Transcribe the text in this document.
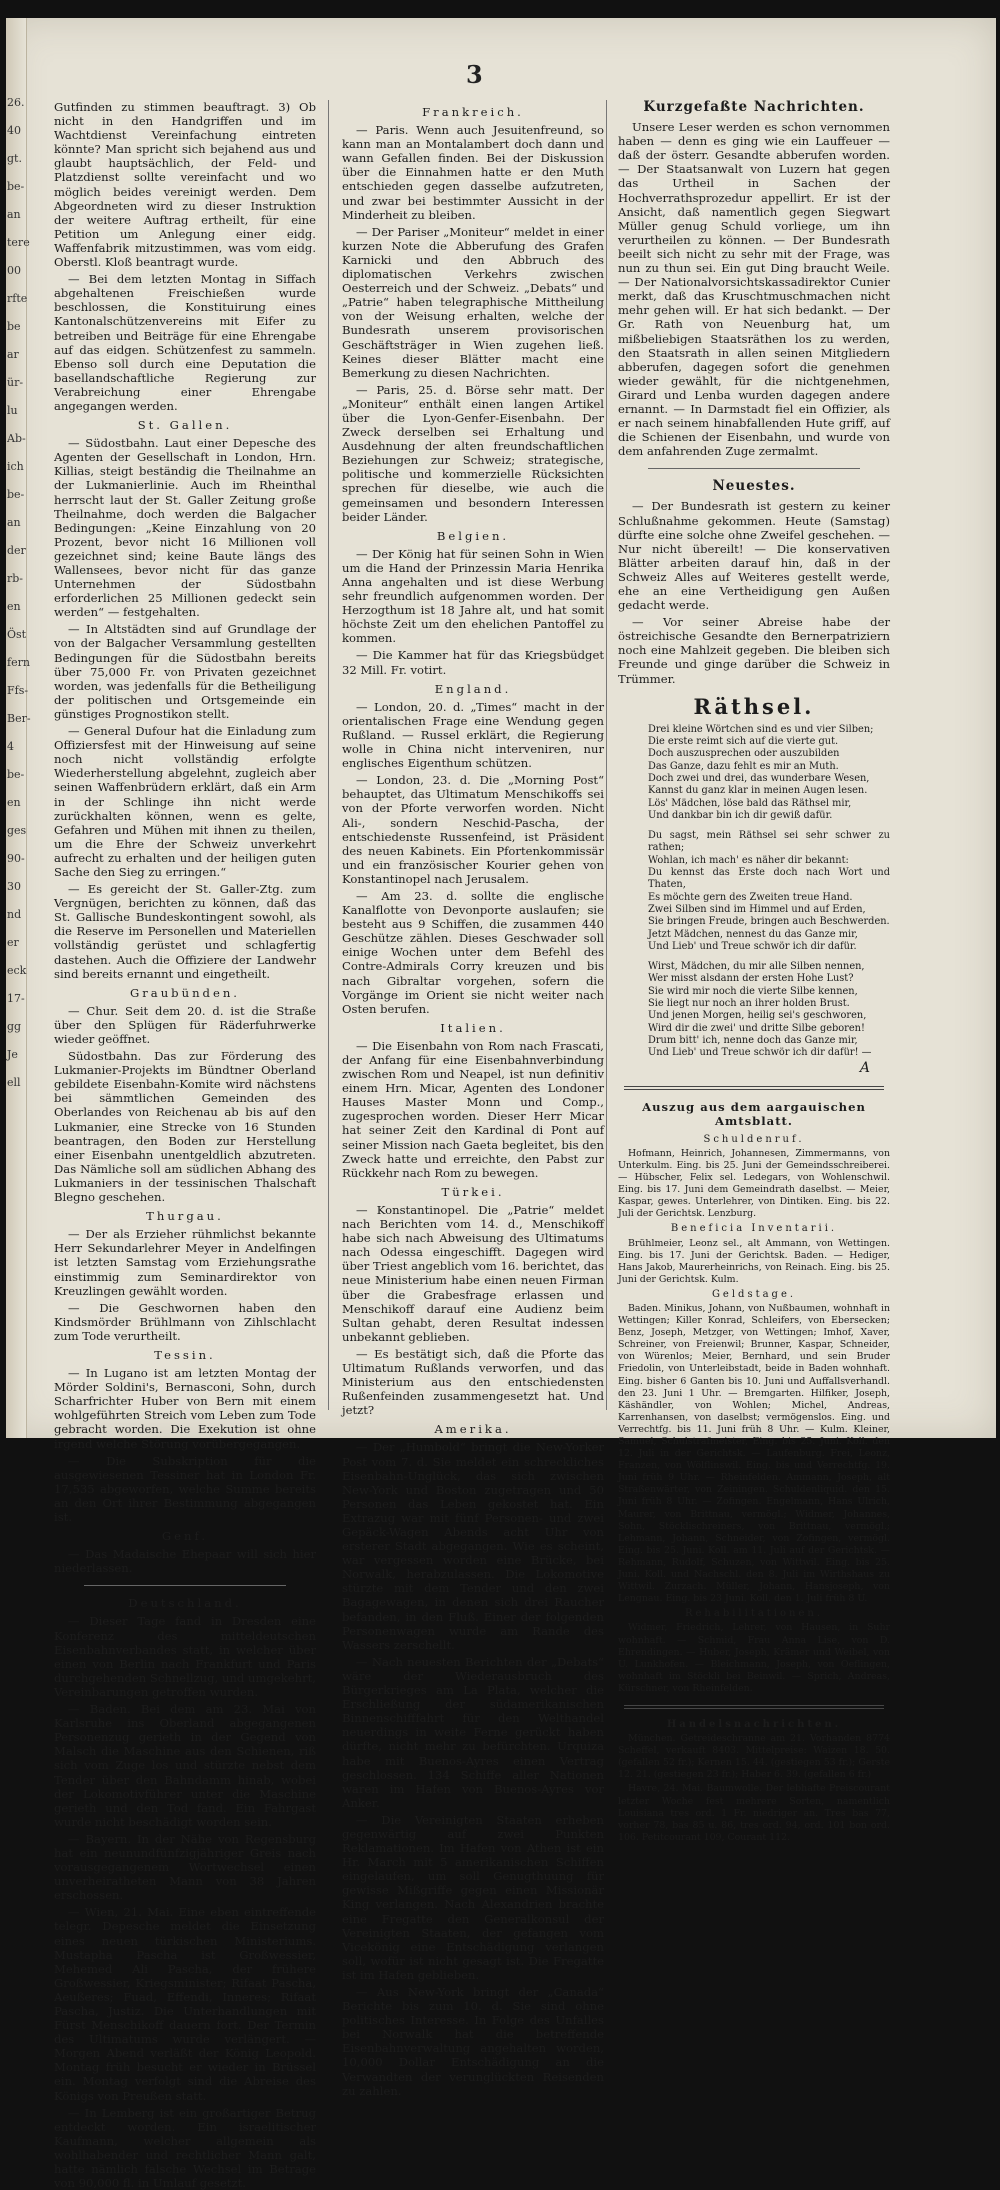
26.
40
gt.
be-
an
tere
00
rfte
be
ar
ür-
lu
Ab-
ich
be-
an
der
rb-
en
Öst
fern
Ffs-
Ber-
4
be-
en
ges
90-
30
nd
er
eck
17-
gg
Je
ell
3

Gutfinden zu stimmen beauftragt. 3) Ob nicht in den Handgriffen und im Wachtdienst Vereinfachung eintreten könnte? Man spricht sich bejahend aus und glaubt hauptsächlich, der Feld- und Platzdienst sollte vereinfacht und wo möglich beides vereinigt werden. Dem Abgeordneten wird zu dieser Instruktion der weitere Auftrag ertheilt, für eine Petition um Anlegung einer eidg. Waffenfabrik mitzustimmen, was vom eidg. Oberstl. Kloß beantragt wurde.

— Bei dem letzten Montag in Siffach abgehaltenen Freischießen wurde beschlossen, die Konstituirung eines Kantonalschützenvereins mit Eifer zu betreiben und Beiträge für eine Ehrengabe auf das eidgen. Schützenfest zu sammeln. Ebenso soll durch eine Deputation die basellandschaftliche Regierung zur Verabreichung einer Ehrengabe angegangen werden.

St. Gallen.

— Südostbahn. Laut einer Depesche des Agenten der Gesellschaft in London, Hrn. Killias, steigt beständig die Theilnahme an der Lukmanierlinie. Auch im Rheinthal herrscht laut der St. Galler Zeitung große Theilnahme, doch werden die Balgacher Bedingungen: „Keine Einzahlung von 20 Prozent, bevor nicht 16 Millionen voll gezeichnet sind; keine Baute längs des Wallensees, bevor nicht für das ganze Unternehmen der Südostbahn erforderlichen 25 Millionen gedeckt sein werden“ — festgehalten.

— In Altstädten sind auf Grundlage der von der Balgacher Versammlung gestellten Bedingungen für die Südostbahn bereits über 75,000 Fr. von Privaten gezeichnet worden, was jedenfalls für die Betheiligung der politischen und Ortsgemeinde ein günstiges Prognostikon stellt.

— General Dufour hat die Einladung zum Offiziersfest mit der Hinweisung auf seine noch nicht vollständig erfolgte Wiederherstellung abgelehnt, zugleich aber seinen Waffenbrüdern erklärt, daß ein Arm in der Schlinge ihn nicht werde zurückhalten können, wenn es gelte, Gefahren und Mühen mit ihnen zu theilen, um die Ehre der Schweiz unverkehrt aufrecht zu erhalten und der heiligen guten Sache den Sieg zu erringen.“

— Es gereicht der St. Galler-Ztg. zum Vergnügen, berichten zu können, daß das St. Gallische Bundeskontingent sowohl, als die Reserve im Personellen und Materiellen vollständig gerüstet und schlagfertig dastehen. Auch die Offiziere der Landwehr sind bereits ernannt und eingetheilt.

Graubünden.

— Chur. Seit dem 20. d. ist die Straße über den Splügen für Räderfuhrwerke wieder geöffnet.

Südostbahn. Das zur Förderung des Lukmanier-Projekts im Bündtner Oberland gebildete Eisenbahn-Komite wird nächstens bei sämmtlichen Gemeinden des Oberlandes von Reichenau ab bis auf den Lukmanier, eine Strecke von 16 Stunden beantragen, den Boden zur Herstellung einer Eisenbahn unentgeldlich abzutreten. Das Nämliche soll am südlichen Abhang des Lukmaniers in der tessinischen Thalschaft Blegno geschehen.

Thurgau.

— Der als Erzieher rühmlichst bekannte Herr Sekundarlehrer Meyer in Andelfingen ist letzten Samstag vom Erziehungsrathe einstimmig zum Seminardirektor von Kreuzlingen gewählt worden.

— Die Geschwornen haben den Kindsmörder Brühlmann von Zihlschlacht zum Tode verurtheilt.

Tessin.

— In Lugano ist am letzten Montag der Mörder Soldini's, Bernasconi, Sohn, durch Scharfrichter Huber von Bern mit einem wohlgeführten Streich vom Leben zum Tode gebracht worden. Die Exekution ist ohne irgend welche Störung vorübergegangen.

— Die Subskription für die ausgewiesenen Tessiner hat in London Fr. 17,535 abgeworfen, welche Summe bereits an den Ort ihrer Bestimmung abgegangen ist.

Genf.

— Das Madaische Ehepaar will sich hier niederlassen.

Deutschland.

— Dieser Tage fand in Dresden eine Konferenz des mitteldeutschen Eisenbahnverbandes statt, in welcher über einen von Berlin nach Frankfurt und Paris durchgehenden Schnellzug, und umgekehrt, Vereinbarungen getroffen wurden.

— Baden. Bei dem am 23. Mai von Karlsruhe ins Oberland abgegangenen Personenzug gerieth in der Gegend von Malsch die Maschine aus den Schienen, riß sich vom Zuge los und stürzte nebst dem Tender über den Bahndamm hinab, wobei der Lokomotivführer unter die Maschine gerieth und den Tod fand. Ein Fahrgast wurde nicht beschädigt worden sein.

— Bayern. In der Nähe von Regensburg hat ein neunundfünfzigjähriger Greis nach vorausgegangenem Wortwechsel einen unverheiratheten Mann von 38 Jahren erschossen.

— Wien, 21. Mai. Eine eben eintreffende telegr. Depesche meldet die Einsetzung eines neuen türkischen Ministeriums. Mustapha Pascha ist Großwessier, Mehemed Ali Pascha, der frühere Großwessier, Kriegsminister; Rifaat Pascha, Aeußeres; Fuad, Effendi, Inneres; Rifaat Pascha, Justiz. Die Unterhandlungen mit Fürst Menschikoff dauern fort. Der Termin des Ultimatums wurde verlängert. — Morgen Abend verläßt der König Leopold. Montag früh besucht er wieder in Brüssel ein. Montag verfolgt sind die Abreise des Königs von Preußen statt.

— In Lemberg ist ein großartiger Betrug entdeckt worden. Ein israelitischer Kaufmann, welcher allgemein als wohlhabender und rechtlicher Mann galt, hatte nämlich falsche Wechsel im Betrage von 90,000 fl. in Umlauf gesetzt.

Frankreich.

— Paris. Wenn auch Jesuitenfreund, so kann man an Montalambert doch dann und wann Gefallen finden. Bei der Diskussion über die Einnahmen hatte er den Muth entschieden gegen dasselbe aufzutreten, und zwar bei bestimmter Aussicht in der Minderheit zu bleiben.

— Der Pariser „Moniteur“ meldet in einer kurzen Note die Abberufung des Grafen Karnicki und den Abbruch des diplomatischen Verkehrs zwischen Oesterreich und der Schweiz. „Debats“ und „Patrie“ haben telegraphische Mittheilung von der Weisung erhalten, welche der Bundesrath unserem provisorischen Geschäftsträger in Wien zugehen ließ. Keines dieser Blätter macht eine Bemerkung zu diesen Nachrichten.

— Paris, 25. d. Börse sehr matt. Der „Moniteur“ enthält einen langen Artikel über die Lyon-Genfer-Eisenbahn. Der Zweck derselben sei Erhaltung und Ausdehnung der alten freundschaftlichen Beziehungen zur Schweiz; strategische, politische und kommerzielle Rücksichten sprechen für dieselbe, wie auch die gemeinsamen und besondern Interessen beider Länder.

Belgien.

— Der König hat für seinen Sohn in Wien um die Hand der Prinzessin Maria Henrika Anna angehalten und ist diese Werbung sehr freundlich aufgenommen worden. Der Herzogthum ist 18 Jahre alt, und hat somit höchste Zeit um den ehelichen Pantoffel zu kommen.

— Die Kammer hat für das Kriegsbüdget 32 Mill. Fr. votirt.

England.

— London, 20. d. „Times“ macht in der orientalischen Frage eine Wendung gegen Rußland. — Russel erklärt, die Regierung wolle in China nicht interveniren, nur englisches Eigenthum schützen.

— London, 23. d. Die „Morning Post“ behauptet, das Ultimatum Menschikoffs sei von der Pforte verworfen worden. Nicht Ali-, sondern Neschid-Pascha, der entschiedenste Russenfeind, ist Präsident des neuen Kabinets. Ein Pfortenkommissär und ein französischer Kourier gehen von Konstantinopel nach Jerusalem.

— Am 23. d. sollte die englische Kanalflotte von Devonporte auslaufen; sie besteht aus 9 Schiffen, die zusammen 440 Geschütze zählen. Dieses Geschwader soll einige Wochen unter dem Befehl des Contre-Admirals Corry kreuzen und bis nach Gibraltar vorgehen, sofern die Vorgänge im Orient sie nicht weiter nach Osten berufen.

Italien.

— Die Eisenbahn von Rom nach Frascati, der Anfang für eine Eisenbahnverbindung zwischen Rom und Neapel, ist nun definitiv einem Hrn. Micar, Agenten des Londoner Hauses Master Monn und Comp., zugesprochen worden. Dieser Herr Micar hat seiner Zeit den Kardinal di Pont auf seiner Mission nach Gaeta begleitet, bis den Zweck hatte und erreichte, den Pabst zur Rückkehr nach Rom zu bewegen.

Türkei.

— Konstantinopel. Die „Patrie“ meldet nach Berichten vom 14. d., Menschikoff habe sich nach Abweisung des Ultimatums nach Odessa eingeschifft. Dagegen wird über Triest angeblich vom 16. berichtet, das neue Ministerium habe einen neuen Firman über die Grabesfrage erlassen und Menschikoff darauf eine Audienz beim Sultan gehabt, deren Resultat indessen unbekannt geblieben.

— Es bestätigt sich, daß die Pforte das Ultimatum Rußlands verworfen, und das Ministerium aus den entschiedensten Rußenfeinden zusammengesetzt hat. Und jetzt?

Amerika.

— Der „Humbold“ bringt die New-Yorker Post vom 7. d. Sie meldet ein schreckliches Eisenbahn-Unglück, das sich zwischen New-York und Boston zugetragen und 50 Personen das Leben gekostet hat. Ein Extrazug war mit fünf Personen- und zwei Gepäck-Wagen Abends acht Uhr von ersterer Stadt abgegangen. Wie es scheint, war vergessen worden eine Brücke, bei Norwalk, herabzulassen. Die Lokomotive stürzte mit dem Tender und den zwei Bagagewagen, in denen sich drei Raucher befanden, in den Fluß. Einer der folgenden Personenwagen wurde am Rande des Wassers zerschellt.

— Nach neuesten Berichten der „Debats“ wäre der Wiederausbruch des Bürgerkrieges am La Plata, welcher die Erschließung der südamerikanischen Binnenschifffahrt für den Welthandel neuerdings in weite Ferne gerückt haben dürfte, nicht mehr zu befürchten. Urquiza habe mit Buenos-Ayres einen Vertrag geschlossen. 134 Schiffe aller Nationen waren im Hafen von Buenos-Ayres vor Anker.

— Die Vereinigten Staaten erheben gegenwärtig auf zwei Punkten Reklamationen. Im Hafen von Athen ist ein Hr. March mit 5 amerikanischen Schiffen eingelaufen, um soll Genugthuung für gewisse Mißgriffe gegen einen Missionär King verlangen. Nach Alexandrien brachte eine Fregatte den Generalkonsul der Vereinigten Staaten, der gefangen vom Vicekönig eine Entschädigung verlangen soll, wofür ist nicht gesagt ist. Die Fregatte ist im Hafen geblieben.

— Aus New-York bringt der „Canada“ Berichte bis zum 10. d. Sie sind ohne politisches Interesse. In Folge des Unfalles bei Norwalk hat die betreffende Eisenbahnverwaltung angehalten worden, 10,000 Dollar Entschädigung an die Verwandten der verunglückten Reisenden zu zahlen.

Kurzgefaßte Nachrichten.

Unsere Leser werden es schon vernommen haben — denn es ging wie ein Lauffeuer — daß der österr. Gesandte abberufen worden. — Der Staatsanwalt von Luzern hat gegen das Urtheil in Sachen der Hochverrathsprozedur appellirt. Er ist der Ansicht, daß namentlich gegen Siegwart Müller genug Schuld vorliege, um ihn verurtheilen zu können. — Der Bundesrath beeilt sich nicht zu sehr mit der Frage, was nun zu thun sei. Ein gut Ding braucht Weile. — Der Nationalvorsichtskassadirektor Cunier merkt, daß das Kruschtmuschmachen nicht mehr gehen will. Er hat sich bedankt. — Der Gr. Rath von Neuenburg hat, um mißbeliebigen Staatsräthen los zu werden, den Staatsrath in allen seinen Mitgliedern abberufen, dagegen sofort die genehmen wieder gewählt, für die nichtgenehmen, Girard und Lenba wurden dagegen andere ernannt. — In Darmstadt fiel ein Offizier, als er nach seinem hinabfallenden Hute griff, auf die Schienen der Eisenbahn, und wurde von dem anfahrenden Zuge zermalmt.

Neuestes.

— Der Bundesrath ist gestern zu keiner Schlußnahme gekommen. Heute (Samstag) dürfte eine solche ohne Zweifel geschehen. — Nur nicht übereilt! — Die konservativen Blätter arbeiten darauf hin, daß in der Schweiz Alles auf Weiteres gestellt werde, ehe an eine Vertheidigung gen Außen gedacht werde.

— Vor seiner Abreise habe der östreichische Gesandte den Bernerpatriziern noch eine Mahlzeit gegeben. Die bleiben sich Freunde und ginge darüber die Schweiz in Trümmer.

Räthsel.
Drei kleine Wörtchen sind es und vier Silben;
Die erste reimt sich auf die vierte gut.
Doch auszusprechen oder auszubilden
Das Ganze, dazu fehlt es mir an Muth.
Doch zwei und drei, das wunderbare Wesen,
Kannst du ganz klar in meinen Augen lesen.
Lös' Mädchen, löse bald das Räthsel mir,
Und dankbar bin ich dir gewiß dafür.
Du sagst, mein Räthsel sei sehr schwer zu rathen;
Wohlan, ich mach' es näher dir bekannt:
Du kennst das Erste doch nach Wort und Thaten,
Es möchte gern des Zweiten treue Hand.
Zwei Silben sind im Himmel und auf Erden,
Sie bringen Freude, bringen auch Beschwerden.
Jetzt Mädchen, nennest du das Ganze mir,
Und Lieb' und Treue schwör ich dir dafür.
Wirst, Mädchen, du mir alle Silben nennen,
Wer misst alsdann der ersten Hohe Lust?
Sie wird mir noch die vierte Silbe kennen,
Sie liegt nur noch an ihrer holden Brust.
Und jenen Morgen, heilig sei's geschworen,
Wird dir die zwei' und dritte Silbe geboren!
Drum bitt' ich, nenne doch das Ganze mir,
Und Lieb' und Treue schwör ich dir dafür! —
A
Auszug aus dem aargauischen Amtsblatt.
Schuldenruf.

Hofmann, Heinrich, Johannesen, Zimmermanns, von Unterkulm. Eing. bis 25. Juni der Gemeindsschreiberei. — Hübscher, Felix sel. Ledegars, von Wohlenschwil. Eing. bis 17. Juni dem Gemeindrath daselbst. — Meier, Kaspar, gewes. Unterlehrer, von Dintiken. Eing. bis 22. Juli der Gerichtsk. Lenzburg.

Beneficia Inventarii.

Brühlmeier, Leonz sel., alt Ammann, von Wettingen. Eing. bis 17. Juni der Gerichtsk. Baden. — Hediger, Hans Jakob, Maurerheinrichs, von Reinach. Eing. bis 25. Juni der Gerichtsk. Kulm.

Geldstage.

Baden. Minikus, Johann, von Nußbaumen, wohnhaft in Wettingen; Killer Konrad, Schleifers, von Ebersecken; Benz, Joseph, Metzger, von Wettingen; Imhof, Xaver, Schreiner, von Freienwil; Brunner, Kaspar, Schneider, von Würenlos; Meier, Bernhard, und sein Bruder Friedolin, von Unterleibstadt, beide in Baden wohnhaft. Eing. bisher 6 Ganten bis 10. Juni und Auffallsverhandl. den 23. Juni 1 Uhr. — Bremgarten. Hilfiker, Joseph, Käshändler, von Wohlen; Michel, Andreas, Karrenhansen, von daselbst; vermögenslos. Eing. und Verrechtfg. bis 11. Juni früh 8 Uhr. — Kulm. Kleiner, Samuel, Schulstrafmeister, Eing. bis 25. Juni. Koll. den 12. Juli in der Gerichtsk. — Laufenburg. Frei, Leonz, Franzen, von Wölflinswil. Eing. bis und Verrechtfg. 19. Juni früh 9 Uhr. — Rheinfelden. Ammann, Joseph, alt Straßenwärter, von Zeiningen. Schuldenliquid. den 15. Juni früh 8 Uhr. — Zofingen. Engelmann, Hans Ulrich, Maurer, von Brittnau, vermögl.; Widmer, Johannes, Sohn, Stöcklischreiners, von Brittnau, vermögl.; Lehmann, Johann, Schneider, von Zofingen, vermögl. Eing. bis 25. Juni. Koll. am 11. Juli auf der Gerichtsk. — Rehmann, Rudolf, Schuzen, von Wittwil. Eing. bis 25. Juni. Koll. und Nachschl. den 8. Juli im Wirthshaus zu Wittwil. Zurzach. Müller, Johann, Hansjoseph, von Lengnau. Eing. bis 23 Juni. Koll. den 1. Juli früh 8 U.

Rehabilitationen.

Widmer, Friedrich, Lehrer, von Hausen, in Suhr wohnhaft. — Schmid, Frau Anna Lise, von D. Ehrendingen. — Huber, Joseph, Krämer und Weibel, von U. Lunkhofen. — Bleichmann, Joseph, von Oeflingen, wohnhaft im Stöckli bei Beinwil. — Sprich, Andreas, Kürschner, von Rheinfelden.

Handelsnachrichten.

München. Getreideschranne am 21. Vorhanden 8774 Scheffel, verkauft 8403. Mittelpreise: Waizen 18. 50. (gefallen 52 fr.); Kernen 15. 44. (gestiegen 53 fr.); Gerste 12. 21. (gestiegen 23 fr.); Haber 6. 39. (gefallen 6 fr.)

Havre, 24. Mai. Baumwolle. Der lebhafte Preiscourant letzter Woche fest mehrere Sorten, namentlich Louisiana tres ord. 1 Fr. niedriger an. Tres bas 77, vorher 78, bas 85 u. 86, tres ord. 94, ord. 101 bon ord. 106. Petitcourant 109, Courant 112.
